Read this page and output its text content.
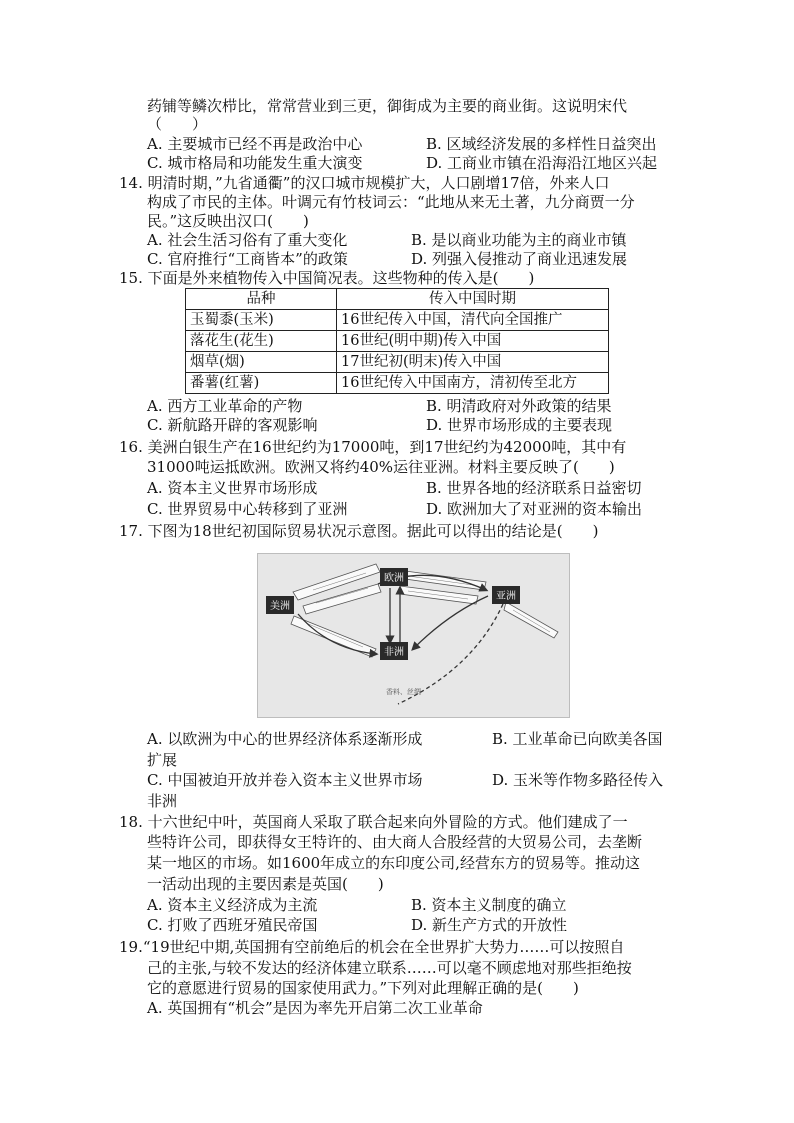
药铺等鳞次栉比，常常营业到三更，御街成为主要的商业街。这说明宋代
（　　）
A. 主要城市已经不再是政治中心	B. 区域经济发展的多样性日益突出
C. 城市格局和功能发生重大演变	D. 工商业市镇在沿海沿江地区兴起
14. 明清时期，”九省通衢”的汉口城市规模扩大，人口剧增17倍，外来人口
构成了市民的主体。叶调元有竹枝词云：“此地从来无土著，九分商贾一分
民。”这反映出汉口(　　)
A. 社会生活习俗有了重大变化	B. 是以商业功能为主的商业市镇
C. 官府推行“工商皆本”的政策	D. 列强入侵推动了商业迅速发展
15. 下面是外来植物传入中国简况表。这些物种的传入是(　　)
品种	传入中国时期
玉蜀黍(玉米)	16世纪传入中国，清代向全国推广
落花生(花生)	16世纪(明中期)传入中国
烟草(烟)	17世纪初(明末)传入中国
番薯(红薯)	16世纪传入中国南方，清初传至北方
A. 西方工业革命的产物	B. 明清政府对外政策的结果
C. 新航路开辟的客观影响	D. 世界市场形成的主要表现
16. 美洲白银生产在16世纪约为17000吨，到17世纪约为42000吨，其中有
31000吨运抵欧洲。欧洲又将约40%运往亚洲。材料主要反映了(　　)
A. 资本主义世界市场形成	B. 世界各地的经济联系日益密切
C. 世界贸易中心转移到了亚洲	D. 欧洲加大了对亚洲的资本输出
17. 下图为18世纪初国际贸易状况示意图。据此可以得出的结论是(　　)
美洲
欧洲
亚洲
非洲
香料、丝绸
A. 以欧洲为中心的世界经济体系逐渐形成	B. 工业革命已向欧美各国
扩展
C. 中国被迫开放并卷入资本主义世界市场	D. 玉米等作物多路径传入
非洲
18. 十六世纪中叶，英国商人采取了联合起来向外冒险的方式。他们建成了一
些特许公司，即获得女王特许的、由大商人合股经营的大贸易公司，去垄断
某一地区的市场。如1600年成立的东印度公司,经营东方的贸易等。推动这
一活动出现的主要因素是英国(　　)
A. 资本主义经济成为主流	B. 资本主义制度的确立
C. 打败了西班牙殖民帝国	D. 新生产方式的开放性
19.“19世纪中期,英国拥有空前绝后的机会在全世界扩大势力……可以按照自
己的主张,与较不发达的经济体建立联系……可以毫不顾虑地对那些拒绝按
它的意愿进行贸易的国家使用武力。”下列对此理解正确的是(　　)
A. 英国拥有“机会”是因为率先开启第二次工业革命
